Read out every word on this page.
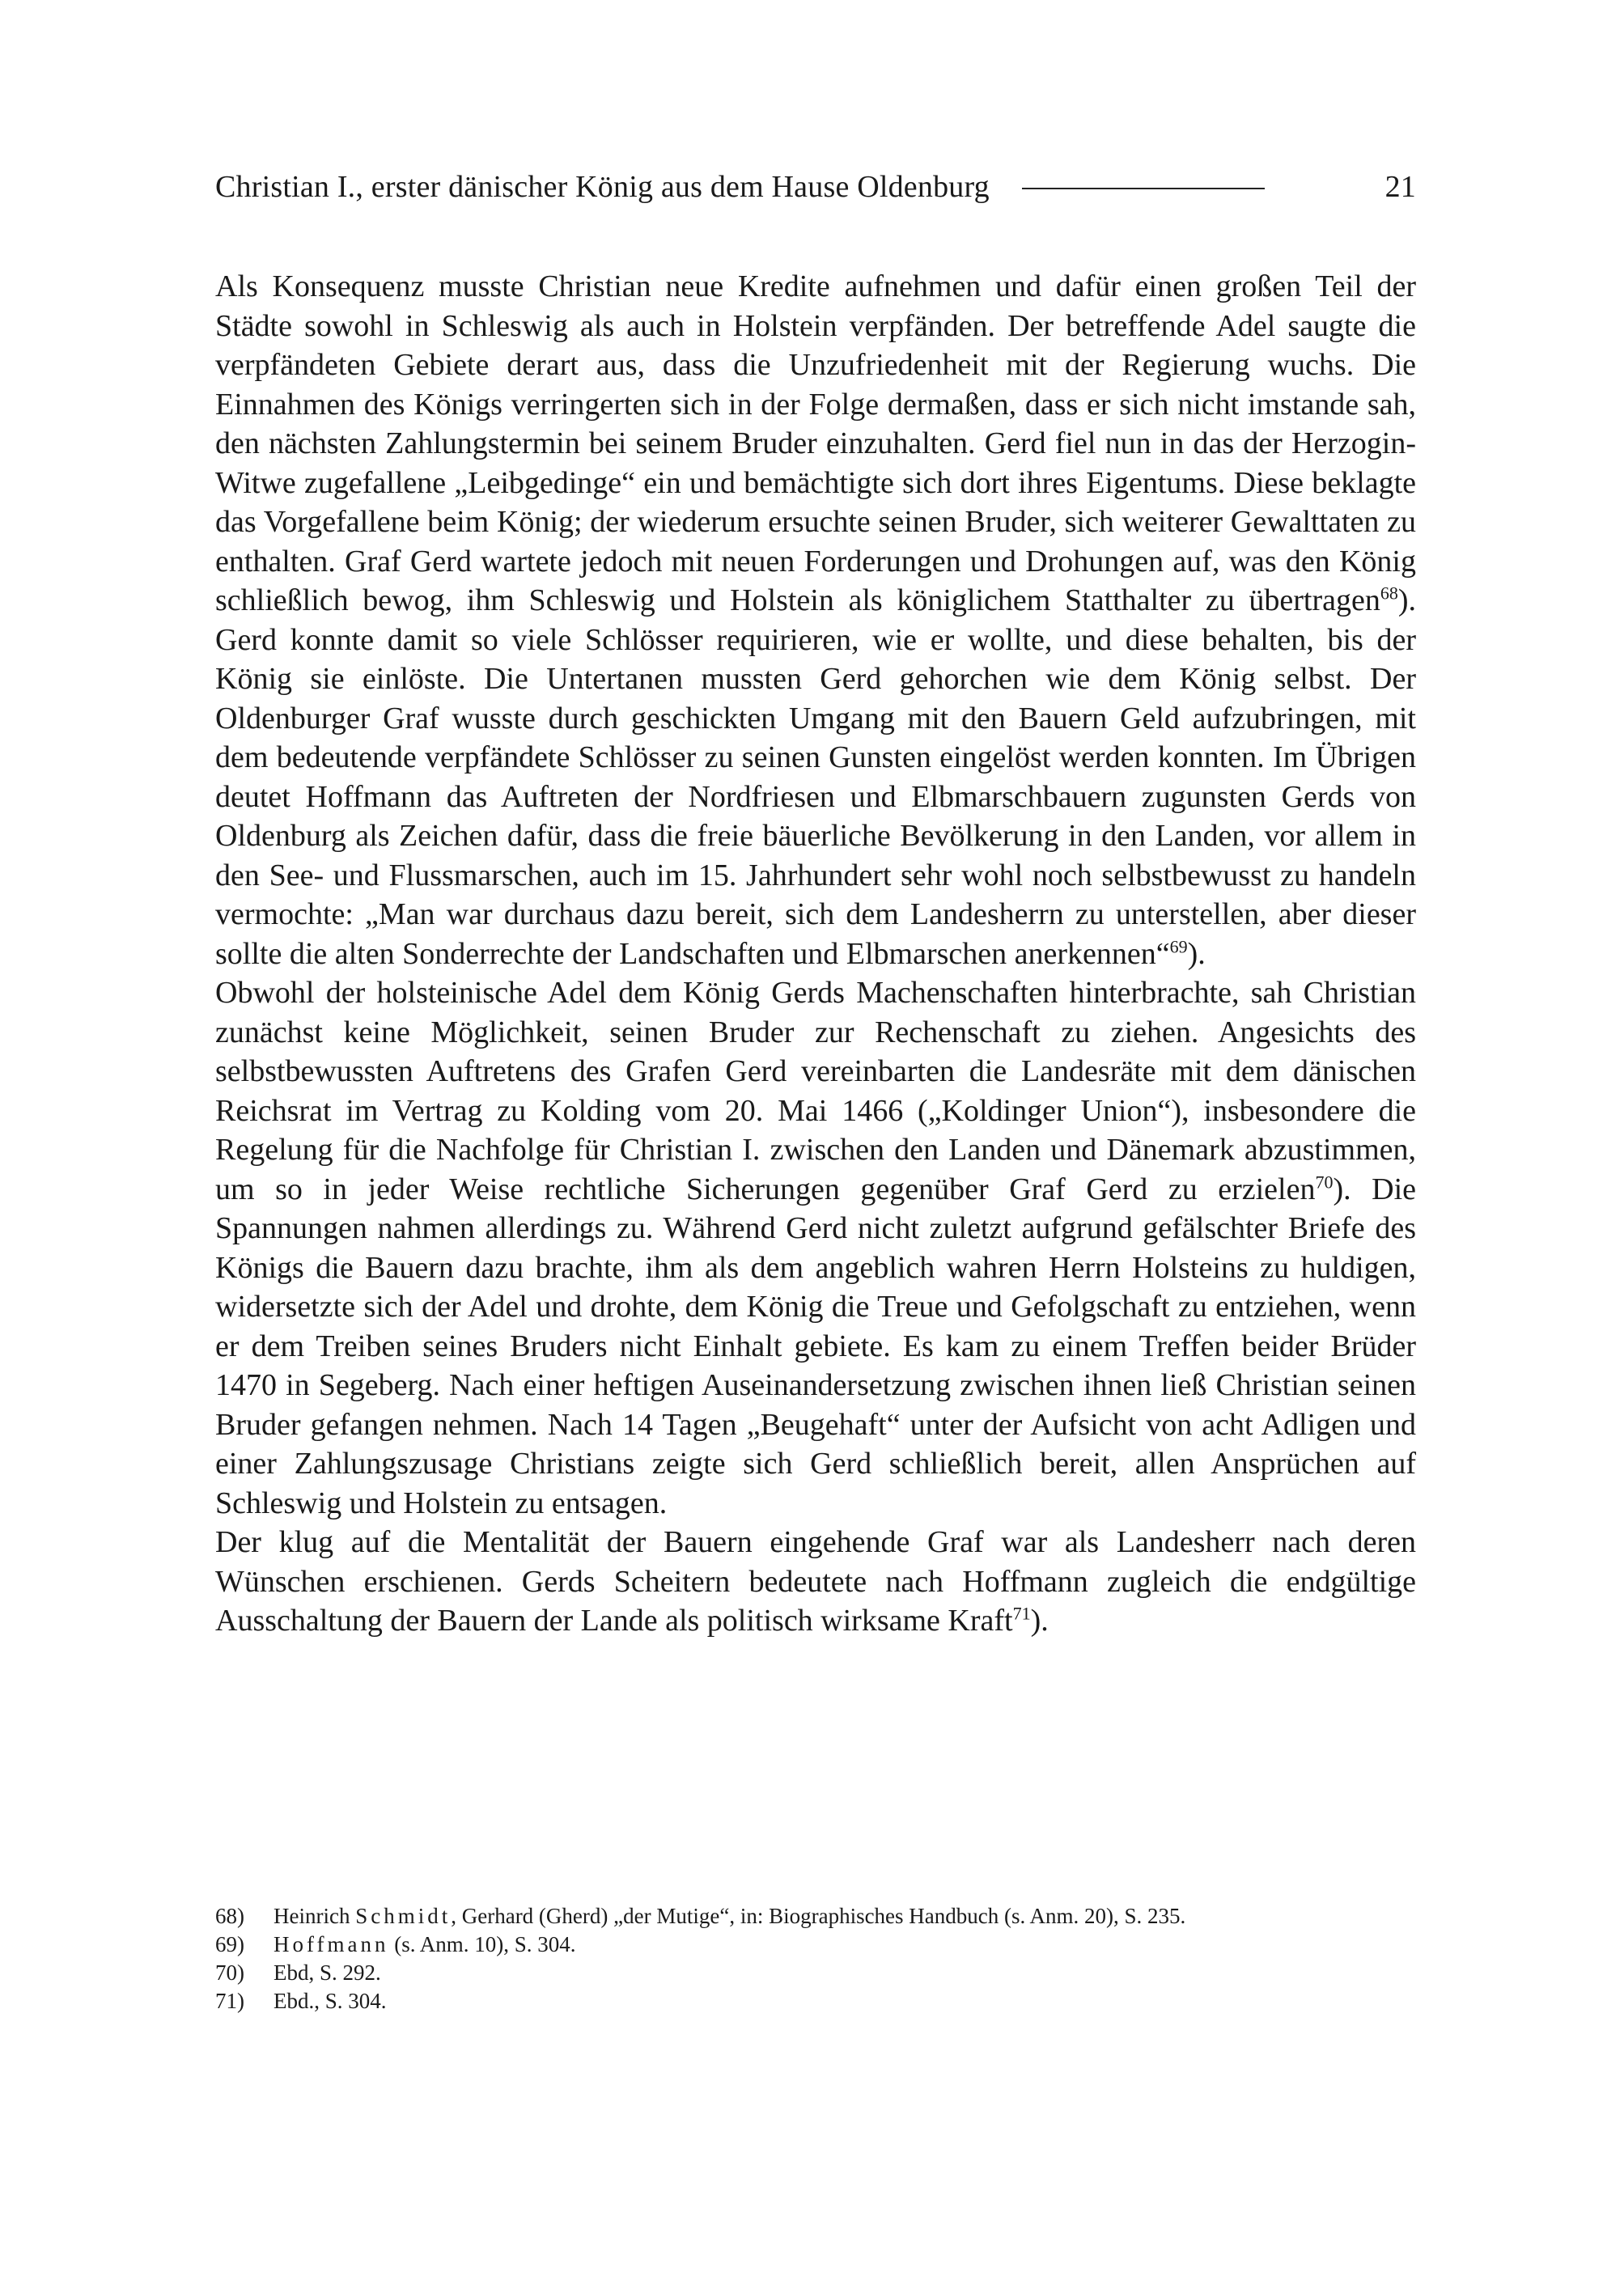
Christian I., erster dänischer König aus dem Hause Oldenburg	21

Als Konsequenz musste Christian neue Kredite aufnehmen und dafür einen großen Teil der Städte sowohl in Schleswig als auch in Holstein verpfänden. Der betreffende Adel saugte die verpfändeten Gebiete derart aus, dass die Unzufriedenheit mit der Regierung wuchs. Die Einnahmen des Königs verringerten sich in der Folge dermaßen, dass er sich nicht imstande sah, den nächsten Zahlungstermin bei seinem Bruder einzuhalten. Gerd fiel nun in das der Herzogin-Witwe zugefallene „Leibgedinge“ ein und bemächtigte sich dort ihres Eigentums. Diese beklagte das Vorgefallene beim König; der wiederum ersuchte seinen Bruder, sich weiterer Gewalttaten zu enthalten. Graf Gerd wartete jedoch mit neuen Forderungen und Drohungen auf, was den König schließlich bewog, ihm Schleswig und Holstein als königlichem Statthalter zu übertragen$^{68}$). Gerd konnte damit so viele Schlösser requirieren, wie er wollte, und diese behalten, bis der König sie einlöste. Die Untertanen mussten Gerd gehorchen wie dem König selbst. Der Oldenburger Graf wusste durch geschickten Umgang mit den Bauern Geld aufzubringen, mit dem bedeutende verpfändete Schlösser zu seinen Gunsten eingelöst werden konnten. Im Übrigen deutet Hoffmann das Auftreten der Nordfriesen und Elbmarschbauern zugunsten Gerds von Oldenburg als Zeichen dafür, dass die freie bäuerliche Bevölkerung in den Landen, vor allem in den See- und Flussmarschen, auch im 15. Jahrhundert sehr wohl noch selbstbewusst zu handeln vermochte: „Man war durchaus dazu bereit, sich dem Landesherrn zu unterstellen, aber dieser sollte die alten Sonderrechte der Landschaften und Elbmarschen anerkennen“$^{69}$).

Obwohl der holsteinische Adel dem König Gerds Machenschaften hinterbrachte, sah Christian zunächst keine Möglichkeit, seinen Bruder zur Rechenschaft zu ziehen. Angesichts des selbstbewussten Auftretens des Grafen Gerd vereinbarten die Landesräte mit dem dänischen Reichsrat im Vertrag zu Kolding vom 20. Mai 1466 („Koldinger Union“), insbesondere die Regelung für die Nachfolge für Christian I. zwischen den Landen und Dänemark abzustimmen, um so in jeder Weise rechtliche Sicherungen gegenüber Graf Gerd zu erzielen$^{70}$). Die Spannungen nahmen allerdings zu. Während Gerd nicht zuletzt aufgrund gefälschter Briefe des Königs die Bauern dazu brachte, ihm als dem angeblich wahren Herrn Holsteins zu huldigen, widersetzte sich der Adel und drohte, dem König die Treue und Gefolgschaft zu entziehen, wenn er dem Treiben seines Bruders nicht Einhalt gebiete. Es kam zu einem Treffen beider Brüder 1470 in Segeberg. Nach einer heftigen Auseinandersetzung zwischen ihnen ließ Christian seinen Bruder gefangen nehmen. Nach 14 Tagen „Beugehaft“ unter der Aufsicht von acht Adligen und einer Zahlungszusage Christians zeigte sich Gerd schließlich bereit, allen Ansprüchen auf Schleswig und Holstein zu entsagen.

Der klug auf die Mentalität der Bauern eingehende Graf war als Landesherr nach deren Wünschen erschienen. Gerds Scheitern bedeutete nach Hoffmann zugleich die endgültige Ausschaltung der Bauern der Lande als politisch wirksame Kraft$^{71}$).

68)	Heinrich Schmidt, Gerhard (Gherd) „der Mutige“, in: Biographisches Handbuch (s. Anm. 20), S. 235.
69)	Hoffmann (s. Anm. 10), S. 304.
70)	Ebd, S. 292.
71)	Ebd., S. 304.
